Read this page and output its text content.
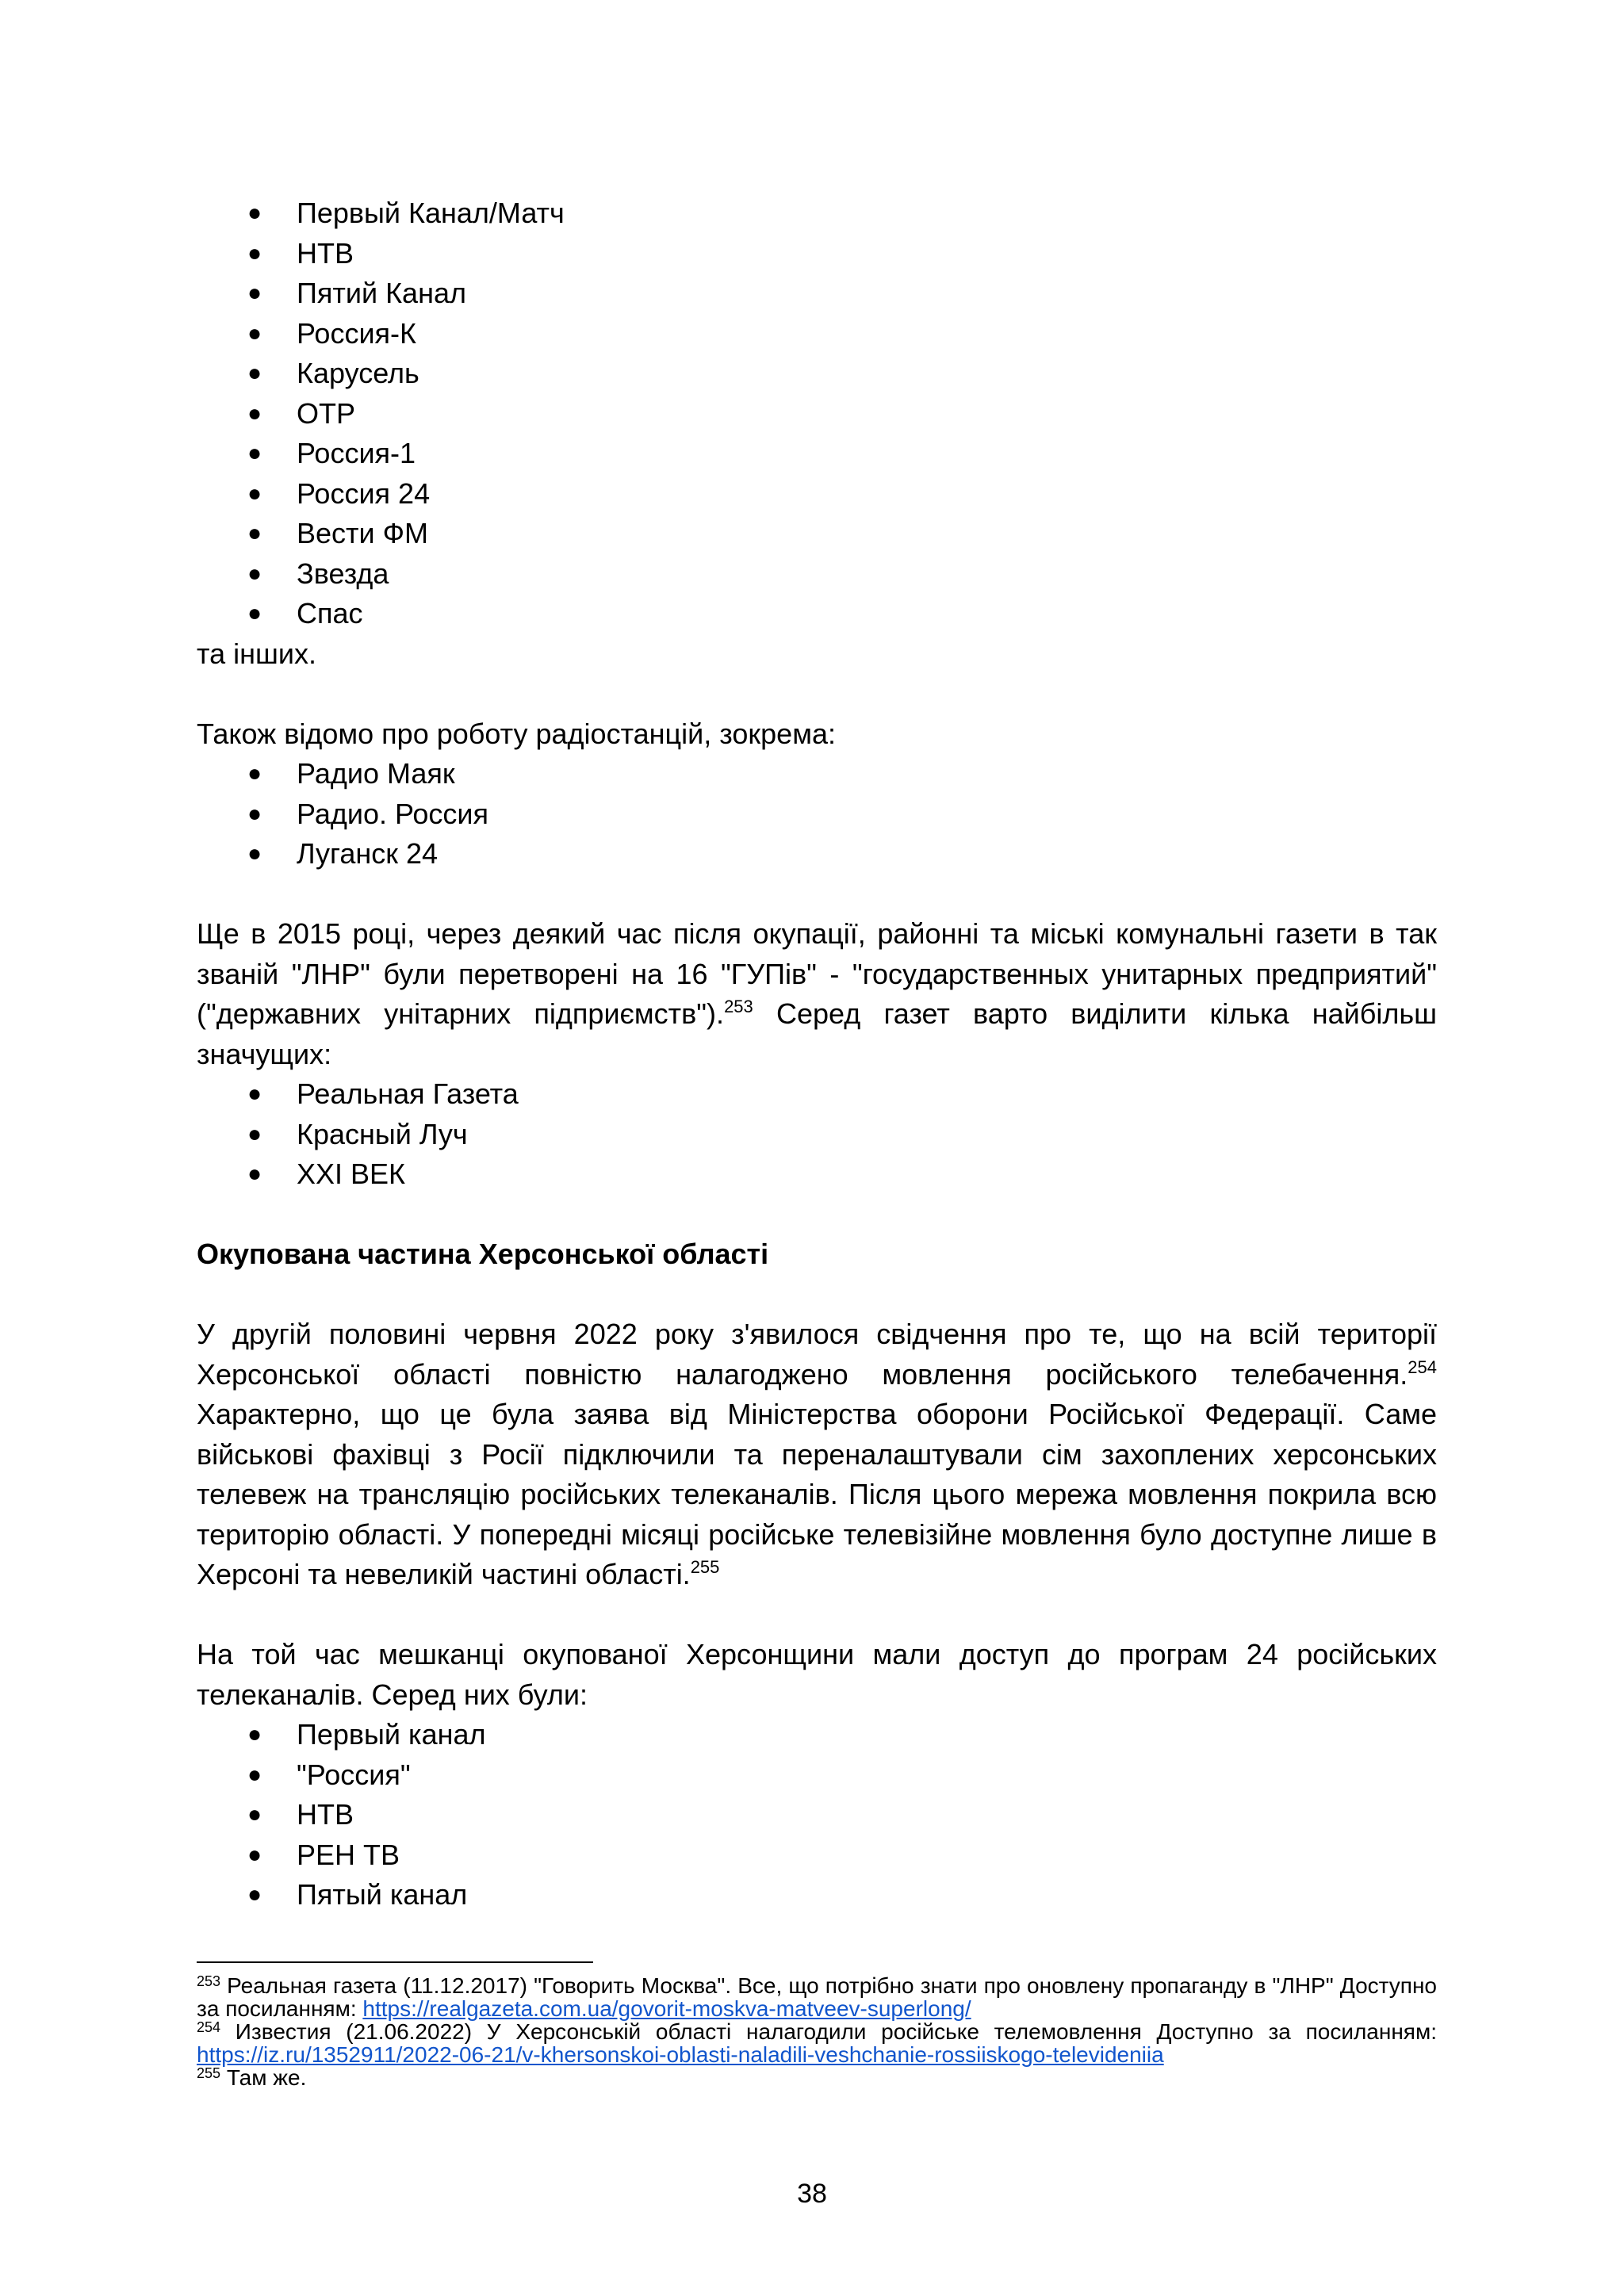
● Первый Канал/Матч
● НТВ
● Пятий Канал
● Россия-К
● Карусель
● ОТР
● Россия-1
● Россия 24
● Вести ФМ
● Звезда
● Спас

та інших.

Також відомо про роботу радіостанцій, зокрема:

● Радио Маяк
● Радио. Россия
● Луганск 24

Ще в 2015 році, через деякий час після окупації, районні та міські комунальні газети в так званій "ЛНР" були перетворені на 16 "ГУПів" - "государственных унитарных предприятий"("державних унітарних підприємств").$^{253}$ Серед газет варто виділити кілька найбільш значущих:

● Реальная Газета
● Красный Луч
● XXI ВЕК
Окупована частина Херсонської області

У другій половині червня 2022 року з'явилося свідчення про те, що на всій території Херсонської області повністю налагоджено мовлення російського телебачення.$^{254}$ Характерно, що це була заява від Міністерства оборони Російської Федерації. Саме військові фахівці з Росії підключили та переналаштували сім захоплених херсонських телевеж на трансляцію російських телеканалів. Після цього мережа мовлення покрила всю територію області. У попередні місяці російське телевізійне мовлення було доступне лише в Херсоні та невеликій частині області.$^{255}$

На той час мешканці окупованої Херсонщини мали доступ до програм 24 російських телеканалів. Серед них були:

● Первый канал
● "Россия"
● НТВ
● РЕН ТВ
● Пятый канал

$^{253}$ Реальная газета (11.12.2017) "Говорить Москва". Все, що потрібно знати про оновлену пропаганду в "ЛНР" Доступно за посиланням: https://realgazeta.com.ua/govorit-moskva-matveev-superlong/

$^{254}$ Известия (21.06.2022) У Херсонській області налагодили російське телемовлення Доступно за посиланням: https://iz.ru/1352911/2022-06-21/v-khersonskoi-oblasti-naladili-veshchanie-rossiiskogo-televideniia

$^{255}$ Там же.

38
